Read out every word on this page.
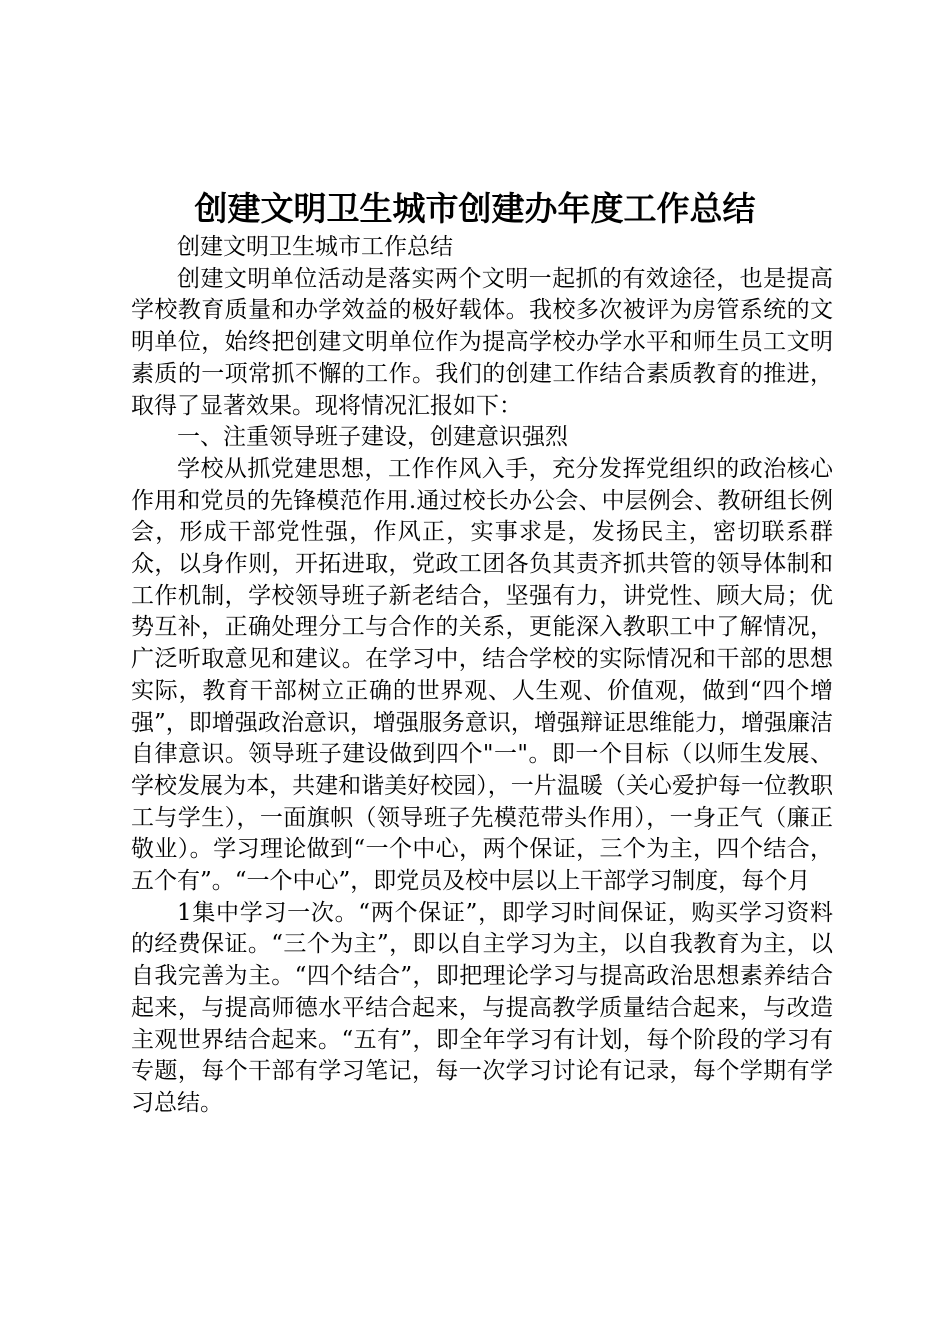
创建文明卫生城市创建办年度工作总结

创建文明卫生城市工作总结

创建文明单位活动是落实两个文明一起抓的有效途径，也是提高学校教育质量和办学效益的极好载体。我校多次被评为房管系统的文明单位，始终把创建文明单位作为提高学校办学水平和师生员工文明素质的一项常抓不懈的工作。我们的创建工作结合素质教育的推进，取得了显著效果。现将情况汇报如下：

一、注重领导班子建设，创建意识强烈

学校从抓党建思想，工作作风入手，充分发挥党组织的政治核心作用和党员的先锋模范作用.通过校长办公会、中层例会、教研组长例会，形成干部党性强，作风正，实事求是，发扬民主，密切联系群众，以身作则，开拓进取，党政工团各负其责齐抓共管的领导体制和工作机制，学校领导班子新老结合，坚强有力，讲党性、顾大局；优势互补，正确处理分工与合作的关系，更能深入教职工中了解情况，广泛听取意见和建议。在学习中，结合学校的实际情况和干部的思想实际，教育干部树立正确的世界观、人生观、价值观，做到“四个增强”，即增强政治意识，增强服务意识，增强辩证思维能力，增强廉洁自律意识。领导班子建设做到四个"一"。即一个目标（以师生发展、学校发展为本，共建和谐美好校园），一片温暖（关心爱护每一位教职工与学生），一面旗帜（领导班子先模范带头作用），一身正气（廉正敬业）。学习理论做到“一个中心，两个保证，三个为主，四个结合，五个有”。“一个中心”，即党员及校中层以上干部学习制度，每个月

1集中学习一次。“两个保证”，即学习时间保证，购买学习资料的经费保证。“三个为主”，即以自主学习为主，以自我教育为主，以自我完善为主。“四个结合”，即把理论学习与提高政治思想素养结合起来，与提高师德水平结合起来，与提高教学质量结合起来，与改造主观世界结合起来。“五有”，即全年学习有计划，每个阶段的学习有专题，每个干部有学习笔记，每一次学习讨论有记录，每个学期有学习总结。
